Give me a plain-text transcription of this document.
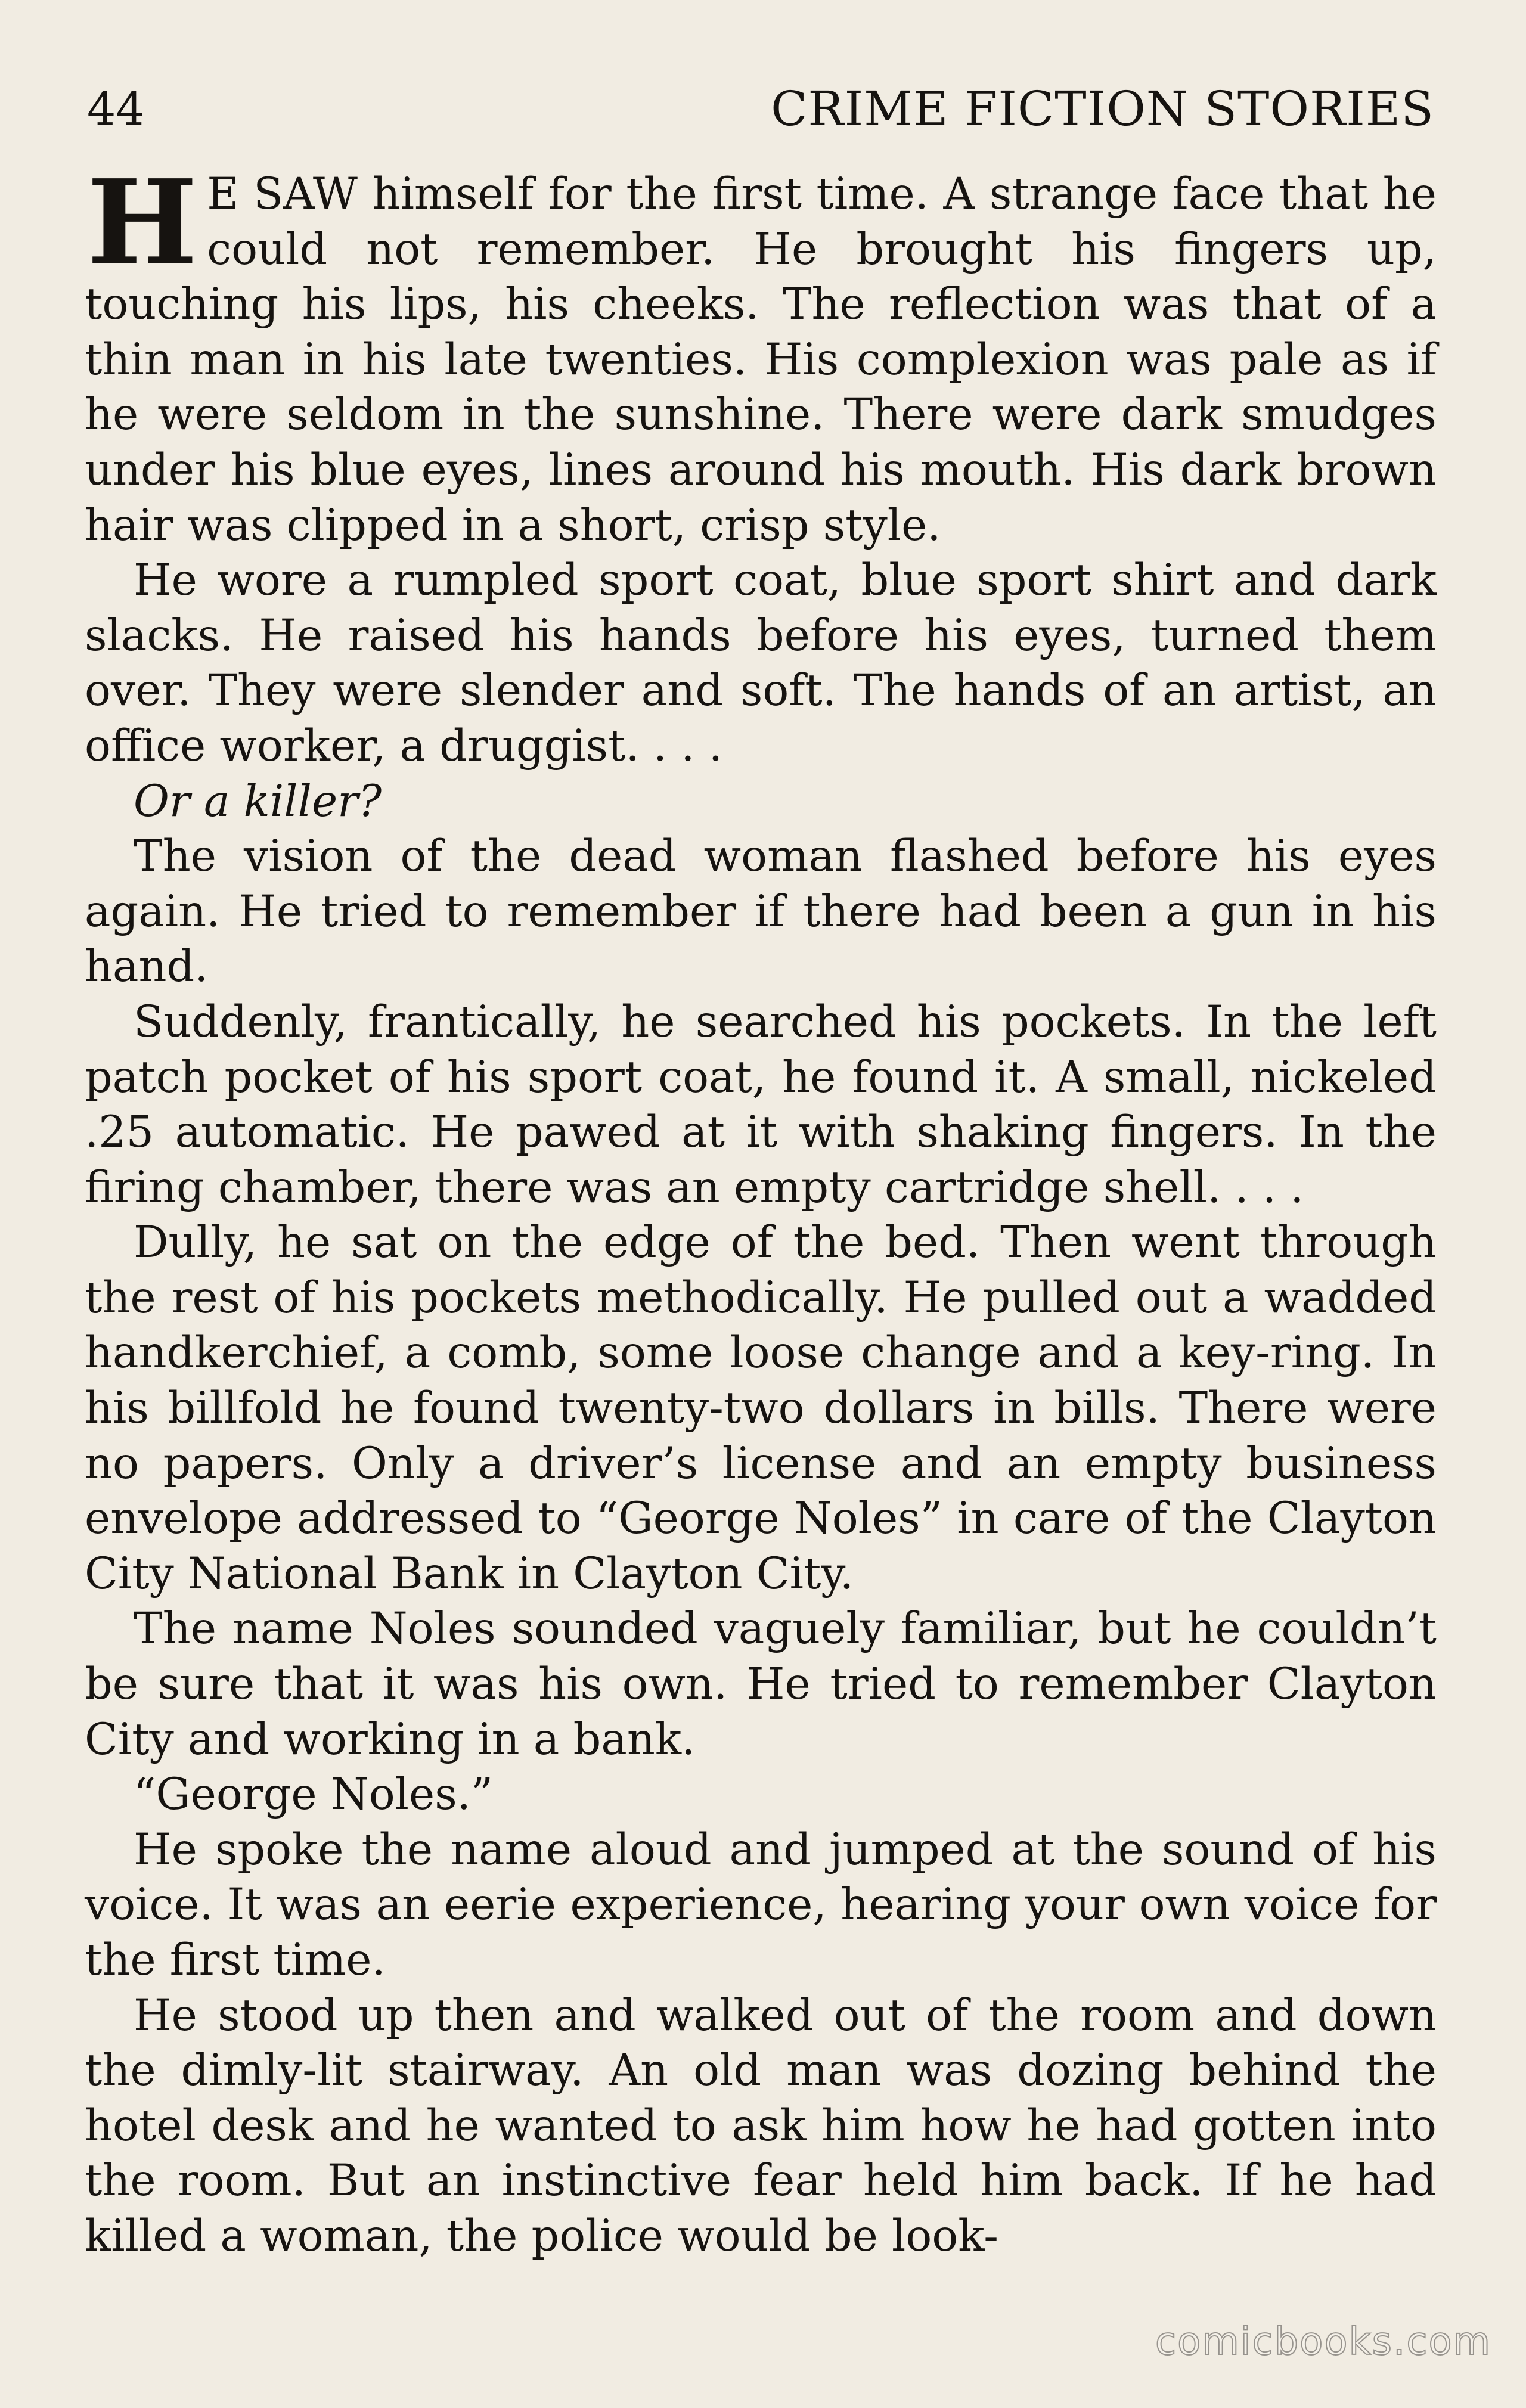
44	CRIME FICTION STORIES

H E SAW himself for the first time. A strange face that he could not remember. He brought his fingers up, touching his lips, his cheeks. The reflection was that of a thin man in his late twenties. His complexion was pale as if he were seldom in the sunshine. There were dark smudges under his blue eyes, lines around his mouth. His dark brown hair was clipped in a short, crisp style.

He wore a rumpled sport coat, blue sport shirt and dark slacks. He raised his hands before his eyes, turned them over. They were slender and soft. The hands of an artist, an office worker, a druggist. . . .

Or a killer?

The vision of the dead woman flashed before his eyes again. He tried to remember if there had been a gun in his hand.

Suddenly, frantically, he searched his pockets. In the left patch pocket of his sport coat, he found it. A small, nickeled .25 automatic. He pawed at it with shaking fingers. In the firing chamber, there was an empty cartridge shell. . . .

Dully, he sat on the edge of the bed. Then went through the rest of his pockets methodically. He pulled out a wadded handkerchief, a comb, some loose change and a key-ring. In his billfold he found twenty-two dollars in bills. There were no papers. Only a driver’s license and an empty business envelope addressed to “George Noles” in care of the Clayton City National Bank in Clayton City.

The name Noles sounded vaguely familiar, but he couldn’t be sure that it was his own. He tried to remember Clayton City and working in a bank.

“George Noles.”

He spoke the name aloud and jumped at the sound of his voice. It was an eerie experience, hearing your own voice for the first time.

He stood up then and walked out of the room and down the dimly-lit stairway. An old man was dozing behind the hotel desk and he wanted to ask him how he had gotten into the room. But an instinctive fear held him back. If he had killed a woman, the police would be look-

comicbooks.com
